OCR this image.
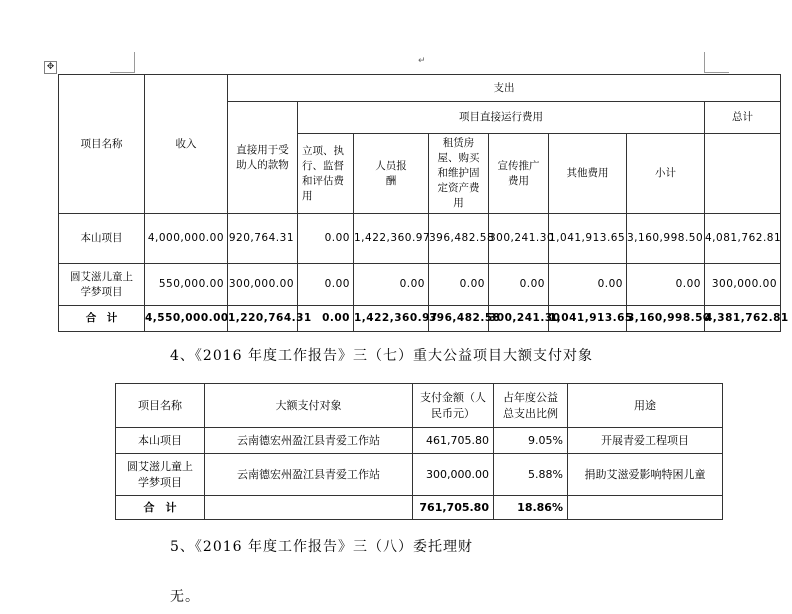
↵
✥
项目名称	收入	支出							
		直接用于受助人的款物	项目直接运行费用						总计
			立项、执行、监督和评估费用	人员报酬	租赁房屋、购买和维护固定资产费用	宣传推广费用	其他费用	小计	
本山项目	4,000,000.00	920,764.31	0.00	1,422,360.97	396,482.58	300,241.30	1,041,913.65	3,160,998.50	4,081,762.81
圆艾滋儿童上学梦项目	550,000.00	300,000.00	0.00	0.00	0.00	0.00	0.00	0.00	300,000.00
合　计	4,550,000.00	1,220,764.31	0.00	1,422,360.97	396,482.58	300,241.30	1,041,913.65	3,160,998.50	4,381,762.81
4、《2016 年度工作报告》三（七）重大公益项目大额支付对象
项目名称	大额支付对象	支付金额（人民币元）	占年度公益总支出比例	用途
本山项目	云南德宏州盈江县青爱工作站	461,705.80	9.05%	开展青爱工程项目
圆艾滋儿童上学梦项目	云南德宏州盈江县青爱工作站	300,000.00	5.88%	捐助艾滋爱影响特困儿童
合　计		761,705.80	18.86%	
5、《2016 年度工作报告》三（八）委托理财
无。
